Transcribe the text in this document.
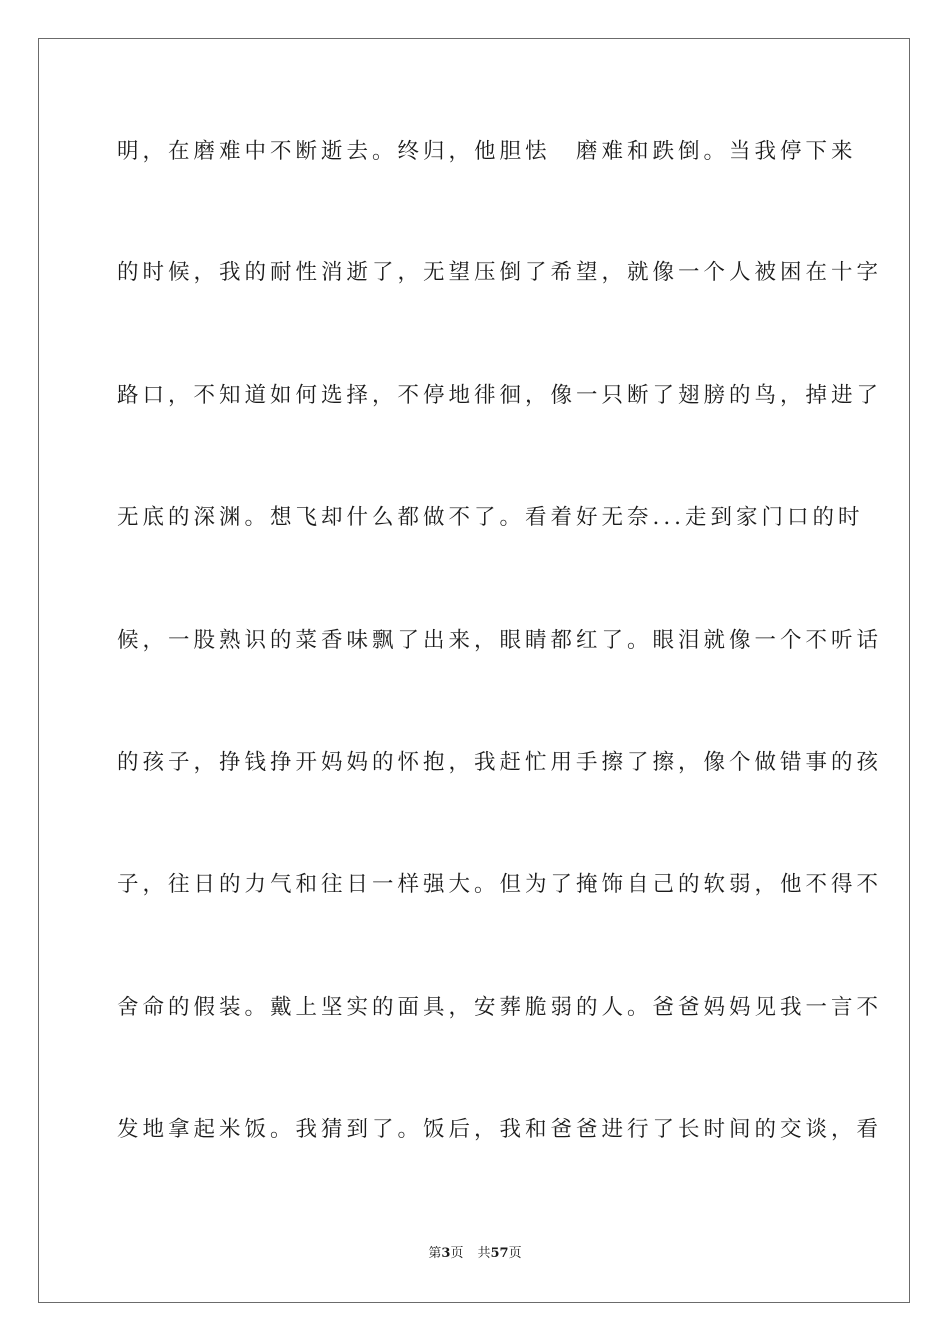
明，在磨难中不断逝去。终归，他胆怯　磨难和跌倒。当我停下来
的时候，我的耐性消逝了，无望压倒了希望，就像一个人被困在十字
路口，不知道如何选择，不停地徘徊，像一只断了翅膀的鸟，掉进了
无底的深渊。想飞却什么都做不了。看着好无奈...走到家门口的时
候，一股熟识的菜香味飘了出来，眼睛都红了。眼泪就像一个不听话
的孩子，挣钱挣开妈妈的怀抱，我赶忙用手擦了擦，像个做错事的孩
子，往日的力气和往日一样强大。但为了掩饰自己的软弱，他不得不
舍命的假装。戴上坚实的面具，安葬脆弱的人。爸爸妈妈见我一言不
发地拿起米饭。我猜到了。饭后，我和爸爸进行了长时间的交谈，看
第3页 共57页
